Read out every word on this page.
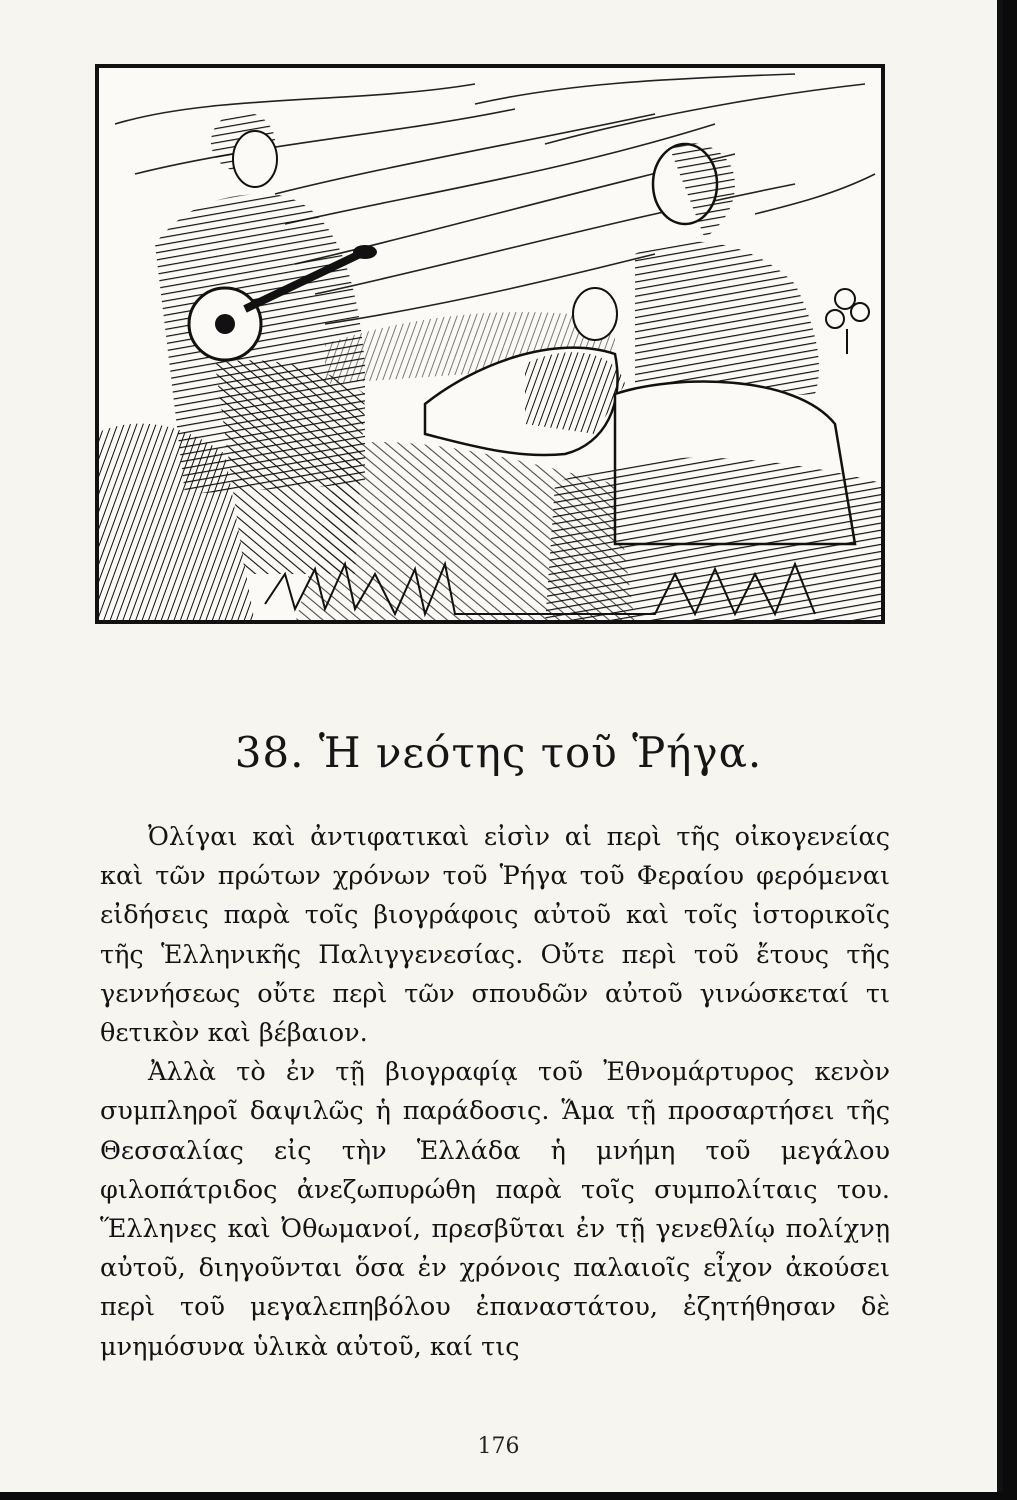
38. Ἡ νεότης τοῦ Ῥήγα.

Ὀλίγαι καὶ ἀντιφατικαὶ εἰσὶν αἱ περὶ τῆς οἰκογενείας καὶ τῶν πρώτων χρόνων τοῦ Ῥήγα τοῦ Φεραίου φερόμεναι εἰδήσεις παρὰ τοῖς βιογράφοις αὐτοῦ καὶ τοῖς ἱστορικοῖς τῆς Ἑλληνικῆς Παλιγγενεσίας. Οὔτε περὶ τοῦ ἔτους τῆς γεννήσεως οὔτε περὶ τῶν σπουδῶν αὐτοῦ γινώσκεταί τι θετικὸν καὶ βέβαιον.

Ἀλλὰ τὸ ἐν τῇ βιογραφίᾳ τοῦ Ἐθνομάρτυρος κενὸν συμπληροῖ δαψιλῶς ἡ παράδοσις. Ἅμα τῇ προσαρτήσει τῆς Θεσσαλίας εἰς τὴν Ἑλλάδα ἡ μνήμη τοῦ μεγάλου φιλοπάτριδος ἀνεζωπυρώθη παρὰ τοῖς συμπολίταις του. Ἕλληνες καὶ Ὀθωμανοί, πρεσβῦται ἐν τῇ γενεθλίῳ πολίχνῃ αὐτοῦ, διηγοῦνται ὅσα ἐν χρόνοις παλαιοῖς εἶχον ἀκούσει περὶ τοῦ μεγαλεπηβόλου ἐπαναστάτου, ἐζητήθησαν δὲ μνημόσυνα ὑλικὰ αὐτοῦ, καί τις

176
